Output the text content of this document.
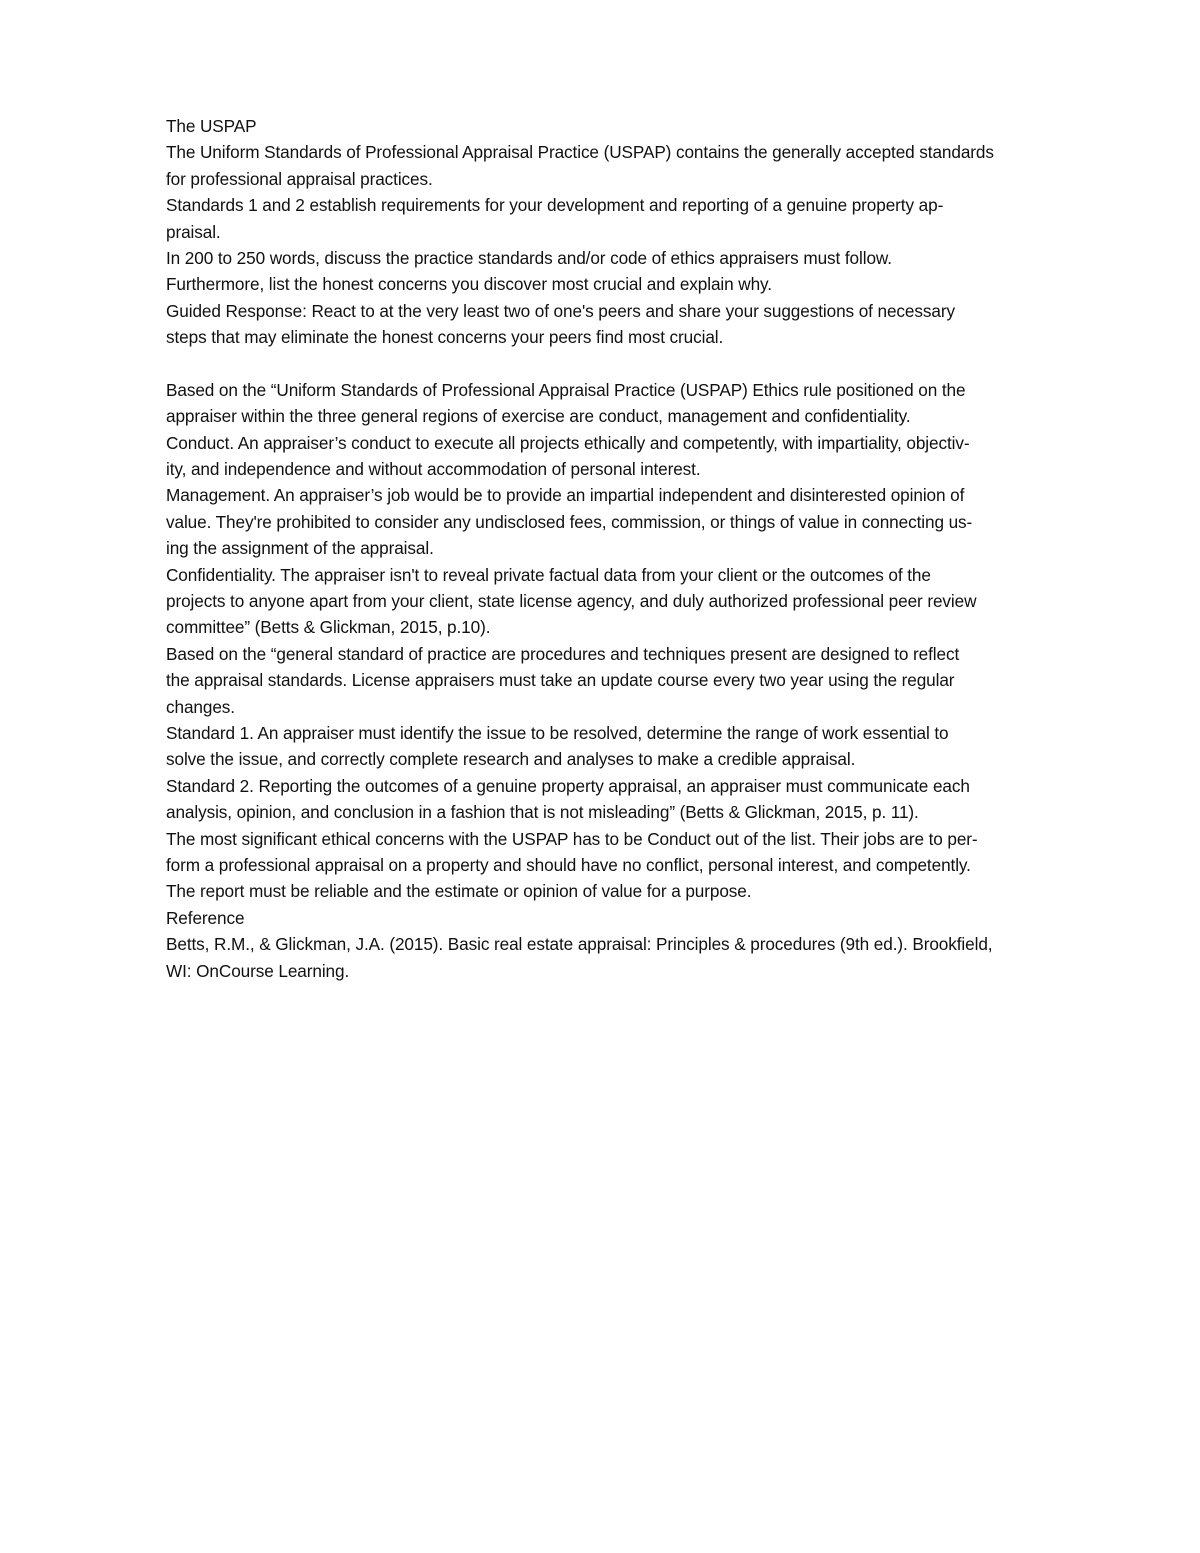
The USPAP
The Uniform Standards of Professional Appraisal Practice (USPAP) contains the generally accepted standards
for professional appraisal practices.
Standards 1 and 2 establish requirements for your development and reporting of a genuine property ap-
praisal.
In 200 to 250 words, discuss the practice standards and/or code of ethics appraisers must follow.
Furthermore, list the honest concerns you discover most crucial and explain why.
Guided Response: React to at the very least two of one's peers and share your suggestions of necessary
steps that may eliminate the honest concerns your peers find most crucial.
Based on the “Uniform Standards of Professional Appraisal Practice (USPAP) Ethics rule positioned on the
appraiser within the three general regions of exercise are conduct, management and confidentiality.
Conduct. An appraiser’s conduct to execute all projects ethically and competently, with impartiality, objectiv-
ity, and independence and without accommodation of personal interest.
Management. An appraiser’s job would be to provide an impartial independent and disinterested opinion of
value. They're prohibited to consider any undisclosed fees, commission, or things of value in connecting us-
ing the assignment of the appraisal.
Confidentiality. The appraiser isn't to reveal private factual data from your client or the outcomes of the
projects to anyone apart from your client, state license agency, and duly authorized professional peer review
committee” (Betts & Glickman, 2015, p.10).
Based on the “general standard of practice are procedures and techniques present are designed to reflect
the appraisal standards. License appraisers must take an update course every two year using the regular
changes.
Standard 1. An appraiser must identify the issue to be resolved, determine the range of work essential to
solve the issue, and correctly complete research and analyses to make a credible appraisal.
Standard 2. Reporting the outcomes of a genuine property appraisal, an appraiser must communicate each
analysis, opinion, and conclusion in a fashion that is not misleading” (Betts & Glickman, 2015, p. 11).
The most significant ethical concerns with the USPAP has to be Conduct out of the list. Their jobs are to per-
form a professional appraisal on a property and should have no conflict, personal interest, and competently.
The report must be reliable and the estimate or opinion of value for a purpose.
Reference
Betts, R.M., & Glickman, J.A. (2015). Basic real estate appraisal: Principles & procedures (9th ed.). Brookfield,
WI: OnCourse Learning.
